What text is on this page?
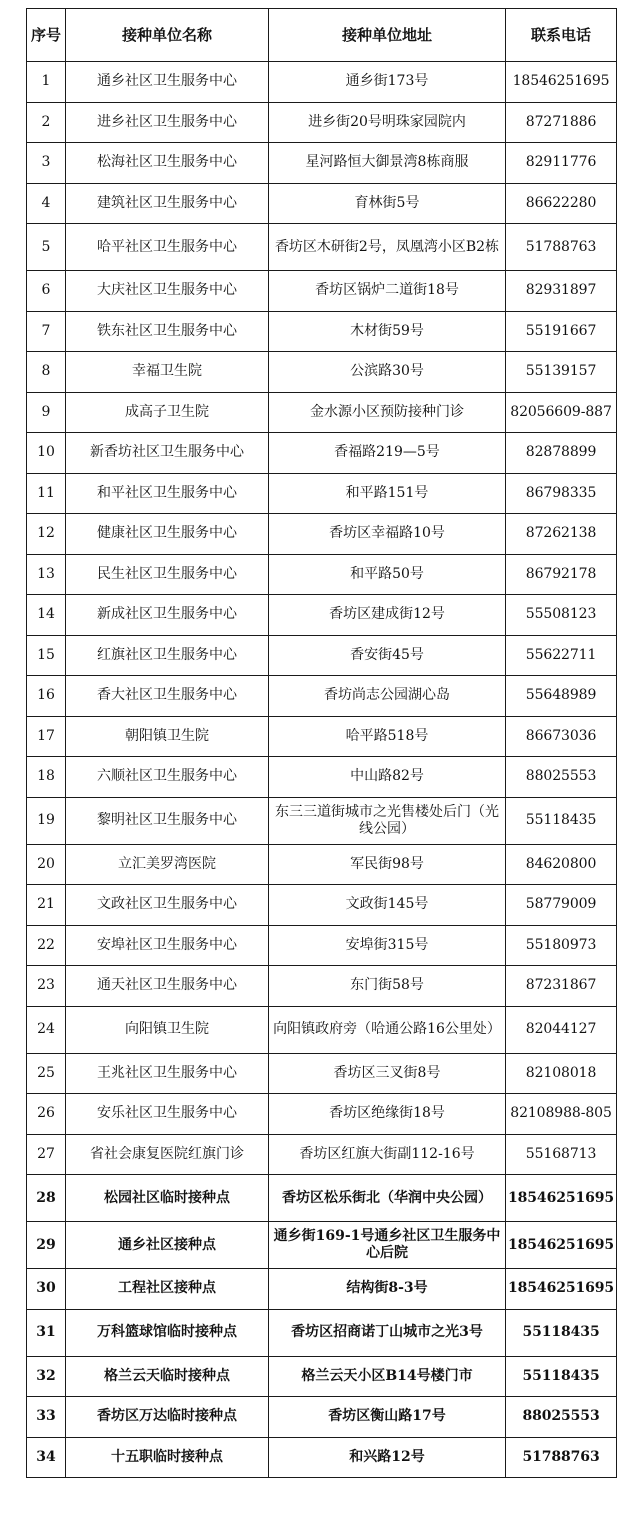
序号	接种单位名称	接种单位地址	联系电话
1	通乡社区卫生服务中心	通乡街173号	18546251695
2	进乡社区卫生服务中心	进乡街20号明珠家园院内	87271886
3	松海社区卫生服务中心	星河路恒大御景湾8栋商服	82911776
4	建筑社区卫生服务中心	育林街5号	86622280
5	哈平社区卫生服务中心	香坊区木研街2号，凤凰湾小区B2栋	51788763
6	大庆社区卫生服务中心	香坊区锅炉二道街18号	82931897
7	铁东社区卫生服务中心	木材街59号	55191667
8	幸福卫生院	公滨路30号	55139157
9	成高子卫生院	金水源小区预防接种门诊	82056609-887
10	新香坊社区卫生服务中心	香福路219—5号	82878899
11	和平社区卫生服务中心	和平路151号	86798335
12	健康社区卫生服务中心	香坊区幸福路10号	87262138
13	民生社区卫生服务中心	和平路50号	86792178
14	新成社区卫生服务中心	香坊区建成街12号	55508123
15	红旗社区卫生服务中心	香安街45号	55622711
16	香大社区卫生服务中心	香坊尚志公园湖心岛	55648989
17	朝阳镇卫生院	哈平路518号	86673036
18	六顺社区卫生服务中心	中山路82号	88025553
19	黎明社区卫生服务中心	东三三道街城市之光售楼处后门（光线公园）	55118435
20	立汇美罗湾医院	军民街98号	84620800
21	文政社区卫生服务中心	文政街145号	58779009
22	安埠社区卫生服务中心	安埠街315号	55180973
23	通天社区卫生服务中心	东门街58号	87231867
24	向阳镇卫生院	向阳镇政府旁（哈通公路16公里处）	82044127
25	王兆社区卫生服务中心	香坊区三叉街8号	82108018
26	安乐社区卫生服务中心	香坊区绝缘街18号	82108988-805
27	省社会康复医院红旗门诊	香坊区红旗大街副112-16号	55168713
28	松园社区临时接种点	香坊区松乐街北（华润中央公园）	18546251695
29	通乡社区接种点	通乡街169-1号通乡社区卫生服务中心后院	18546251695
30	工程社区接种点	结构街8-3号	18546251695
31	万科篮球馆临时接种点	香坊区招商诺丁山城市之光3号	55118435
32	格兰云天临时接种点	格兰云天小区B14号楼门市	55118435
33	香坊区万达临时接种点	香坊区衡山路17号	88025553
34	十五职临时接种点	和兴路12号	51788763
